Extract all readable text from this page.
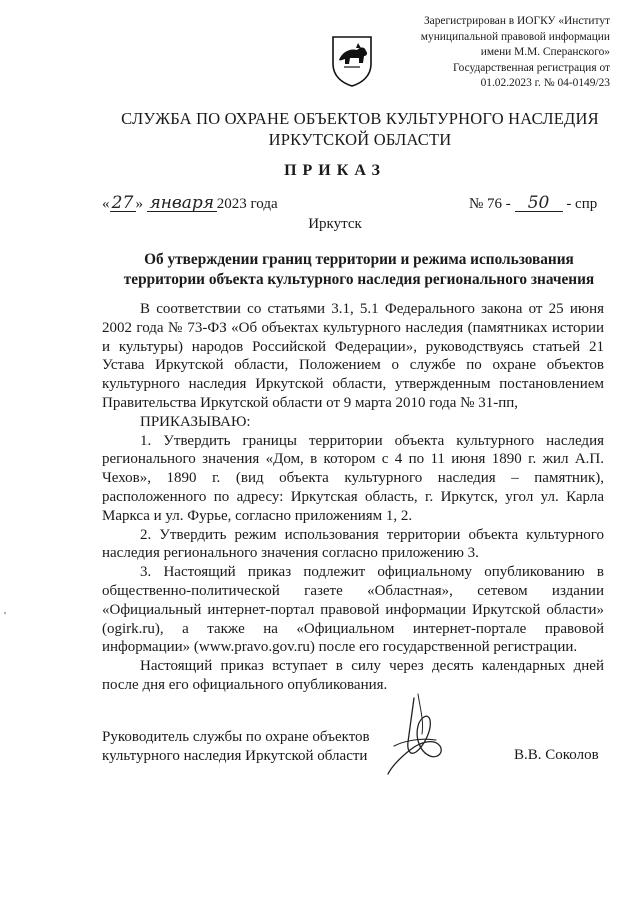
Зарегистрирован в ИОГКУ «Институт
муниципальной правовой информации
имени М.М. Сперанского»
Государственная регистрация от
01.02.2023 г. № 04-0149/23
СЛУЖБА ПО ОХРАНЕ ОБЪЕКТОВ КУЛЬТУРНОГО НАСЛЕДИЯ
ИРКУТСКОЙ ОБЛАСТИ
ПРИКАЗ
« 27 » января 2023 года	№ 76 - 50 - спр
Иркутск
Об утверждении границ территории и режима использования
территории объекта культурного наследия регионального значения

В соответствии со статьями 3.1, 5.1 Федерального закона от 25 июня 2002 года № 73-ФЗ «Об объектах культурного наследия (памятниках истории и культуры) народов Российской Федерации», руководствуясь статьей 21 Устава Иркутской области, Положением о службе по охране объектов культурного наследия Иркутской области, утвержденным постановлением Правительства Иркутской области от 9 марта 2010 года № 31-пп,

ПРИКАЗЫВАЮ:

1. Утвердить границы территории объекта культурного наследия регионального значения «Дом, в котором с 4 по 11 июня 1890 г. жил А.П. Чехов», 1890 г. (вид объекта культурного наследия – памятник), расположенного по адресу: Иркутская область, г. Иркутск, угол ул. Карла Маркса и ул. Фурье, согласно приложениям 1, 2.

2. Утвердить режим использования территории объекта культурного наследия регионального значения согласно приложению 3.

3. Настоящий приказ подлежит официальному опубликованию в общественно-политической газете «Областная», сетевом издании «Официальный интернет-портал правовой информации Иркутской области» (ogirk.ru), а также на «Официальном интернет-портале правовой информации» (www.pravo.gov.ru) после его государственной регистрации.

Настоящий приказ вступает в силу через десять календарных дней после дня его официального опубликования.

Руководитель службы по охране объектов
культурного наследия Иркутской области	В.В. Соколов
'
